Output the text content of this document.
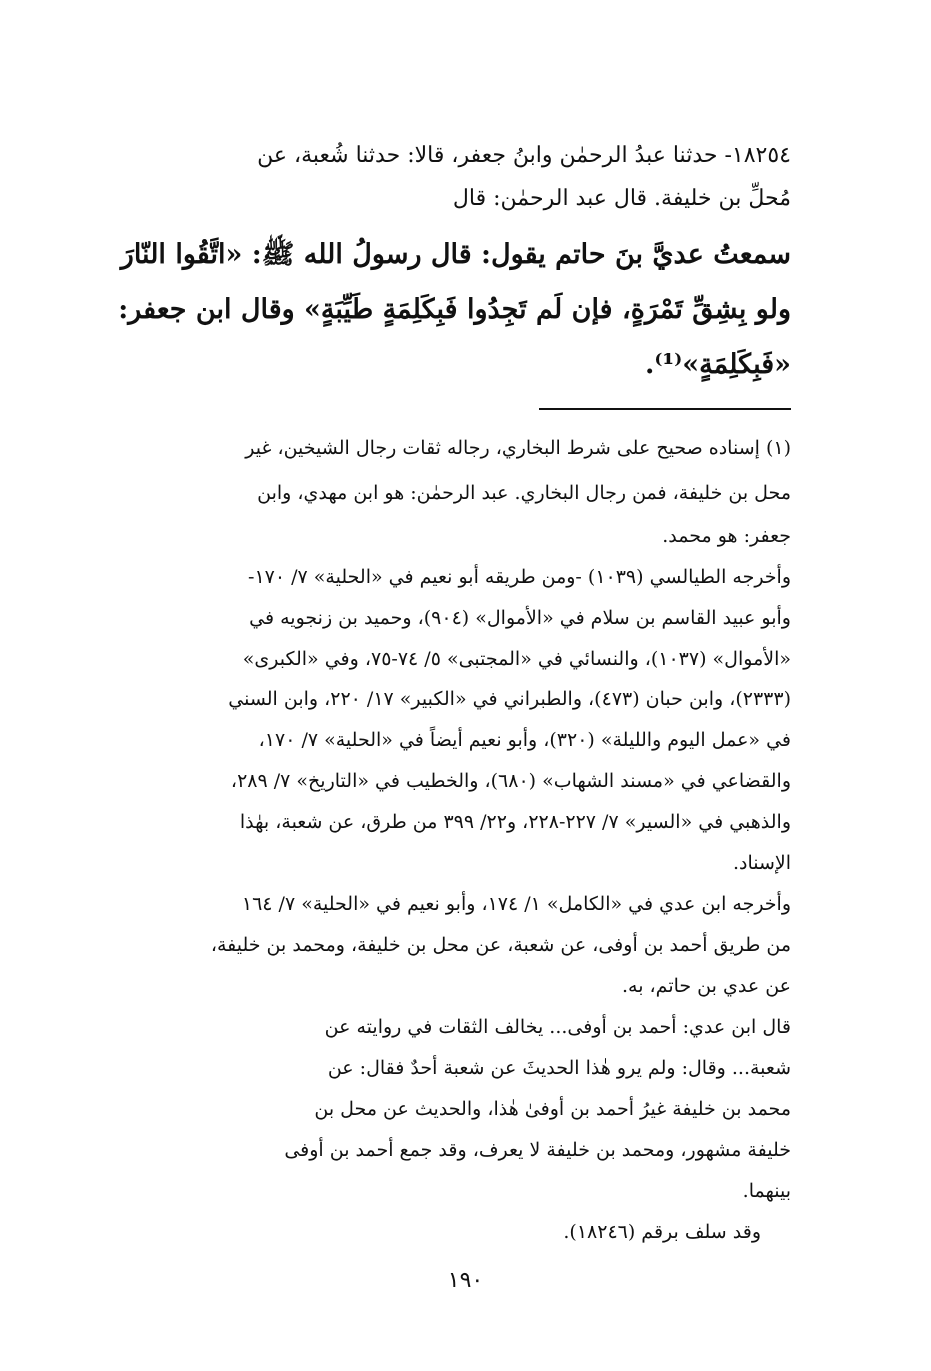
١٨٢٥٤- حدثنا عبدُ الرحمٰن وابنُ جعفر، قالا: حدثنا شُعبة، عن
مُحلِّ بن خليفة. قال عبد الرحمٰن: قال
سمعتُ عديَّ بنَ حاتم يقول: قال رسولُ الله ﷺ: «اتَّقُوا النّارَ
ولو بِشِقِّ تَمْرَةٍ، فإن لَم تَجِدُوا فَبِكَلِمَةٍ طَيِّبَةٍ» وقال ابن جعفر:
«فَبِكَلِمَةٍ»⁽¹⁾.
(١) إسناده صحيح على شرط البخاري، رجاله ثقات رجال الشيخين، غير
محل بن خليفة، فمن رجال البخاري. عبد الرحمٰن: هو ابن مهدي، وابن
جعفر: هو محمد.
وأخرجه الطيالسي (١٠٣٩) -ومن طريقه أبو نعيم في «الحلية» ٧/ ١٧٠-
وأبو عبيد القاسم بن سلام في «الأموال» (٩٠٤)، وحميد بن زنجويه في
«الأموال» (١٠٣٧)، والنسائي في «المجتبى» ٥/ ٧٤-٧٥، وفي «الكبرى»
(٢٣٣٣)، وابن حبان (٤٧٣)، والطبراني في «الكبير» ١٧/ ٢٢٠، وابن السني
في «عمل اليوم والليلة» (٣٢٠)، وأبو نعيم أيضاً في «الحلية» ٧/ ١٧٠،
والقضاعي في «مسند الشهاب» (٦٨٠)، والخطيب في «التاريخ» ٧/ ٢٨٩،
والذهبي في «السير» ٧/ ٢٢٧-٢٢٨، و٢٢/ ٣٩٩ من طرق، عن شعبة، بهٰذا
الإسناد.
وأخرجه ابن عدي في «الكامل» ١/ ١٧٤، وأبو نعيم في «الحلية» ٧/ ١٦٤
من طريق أحمد بن أوفى، عن شعبة، عن محل بن خليفة، ومحمد بن خليفة،
عن عدي بن حاتم، به.
قال ابن عدي: أحمد بن أوفى... يخالف الثقات في روايته عن
شعبة... وقال: ولم يرو هٰذا الحديثَ عن شعبة أحدٌ فقال: عن
محمد بن خليفة غيرُ أحمد بن أوفىٰ هٰذا، والحديث عن محل بن
خليفة مشهور، ومحمد بن خليفة لا يعرف، وقد جمع أحمد بن أوفى
بينهما.
وقد سلف برقم (١٨٢٤٦).
١٩٠
